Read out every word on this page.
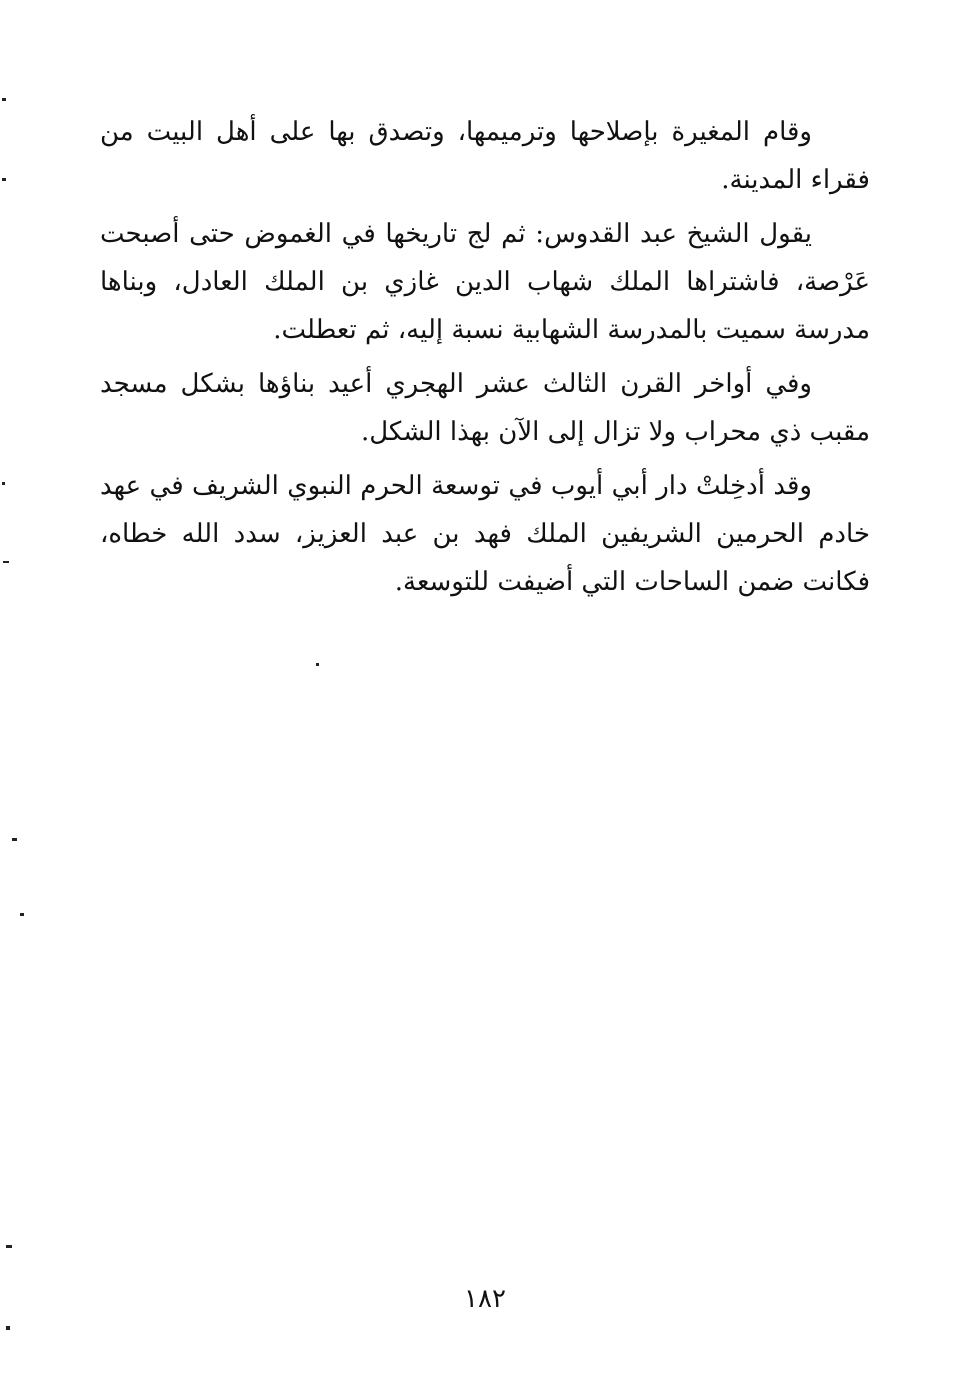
وقام المغيرة بإصلاحها وترميمها، وتصدق بها على أهل البيت من فقراء المدينة.

يقول الشيخ عبد القدوس: ثم لج تاريخها في الغموض حتى أصبحت عَرْصة، فاشتراها الملك شهاب الدين غازي بن الملك العادل، وبناها مدرسة سميت بالمدرسة الشهابية نسبة إليه، ثم تعطلت.

وفي أواخر القرن الثالث عشر الهجري أعيد بناؤها بشكل مسجد مقبب ذي محراب ولا تزال إلى الآن بهذا الشكل.

وقد أدخِلتْ دار أبي أيوب في توسعة الحرم النبوي الشريف في عهد خادم الحرمين الشريفين الملك فهد بن عبد العزيز، سدد الله خطاه، فكانت ضمن الساحات التي أضيفت للتوسعة.

١٨٢
